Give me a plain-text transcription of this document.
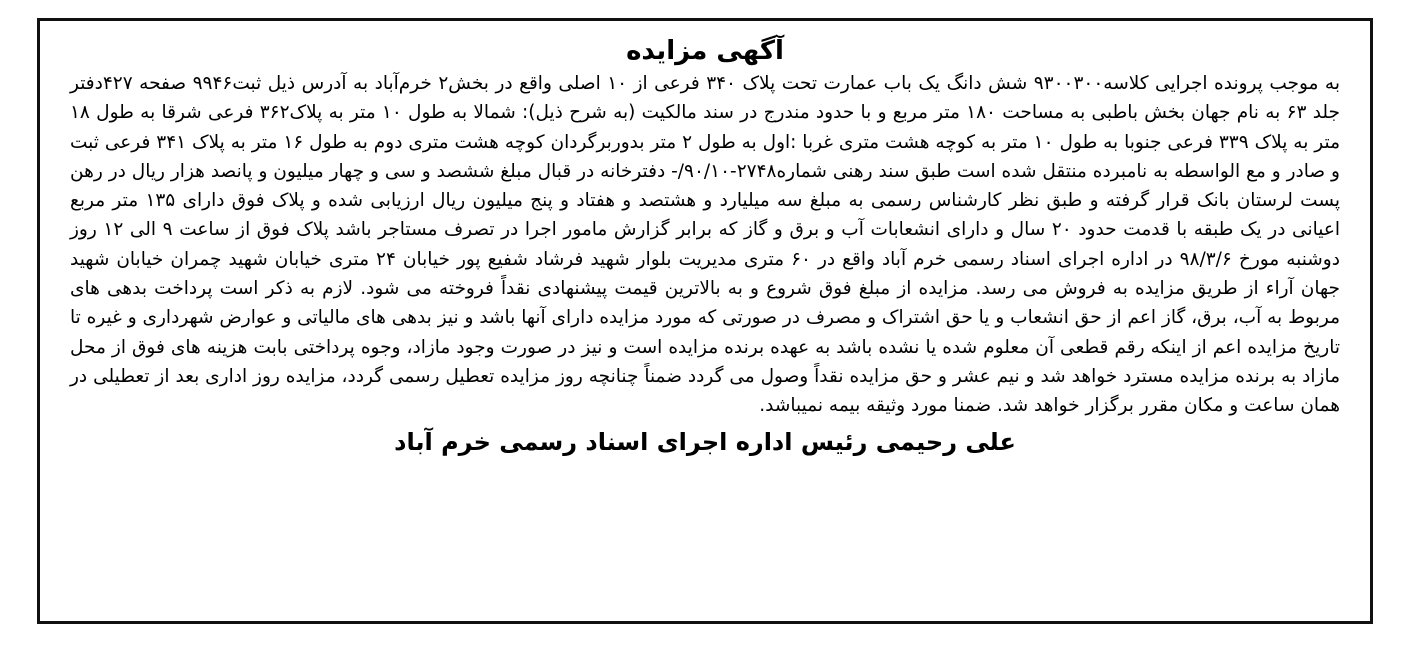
آگهی مزایده

به موجب پرونده اجرایی کلاسه۹۳۰۰۳۰۰ شش دانگ یک باب عمارت تحت پلاک ۳۴۰ فرعی از ۱۰ اصلی واقع در بخش۲ خرم‌آباد به آدرس ذیل ثبت۹۹۴۶ صفحه ۴۲۷دفتر جلد ۶۳ به نام جهان بخش باطبی به مساحت ۱۸۰ متر مربع و با حدود مندرج در سند مالکیت (به شرح ذیل): شمالا به طول ۱۰ متر به پلاک۳۶۲ فرعی شرقا به طول ۱۸ متر به پلاک ۳۳۹ فرعی جنوبا به طول ۱۰ متر به کوچه هشت متری غربا :اول به طول ۲ متر بدوربرگردان کوچه هشت متری دوم به طول ۱۶ متر به پلاک ۳۴۱ فرعی ثبت و صادر و مع الواسطه به نامبرده منتقل شده است طبق سند رهنی شماره۲۷۴۸-۹۰/۱۰/- دفترخانه در قبال مبلغ ششصد و سی و چهار میلیون و پانصد هزار ریال در رهن پست لرستان بانک قرار گرفته و طبق نظر کارشناس رسمی به مبلغ سه میلیارد و هشتصد و هفتاد و پنج میلیون ریال ارزیابی شده و پلاک فوق دارای ۱۳۵ متر مربع اعیانی در یک طبقه با قدمت حدود ۲۰ سال و دارای انشعابات آب و برق و گاز که برابر گزارش مامور اجرا در تصرف مستاجر باشد پلاک فوق از ساعت ۹ الی ۱۲ روز دوشنبه مورخ ۹۸/۳/۶ در اداره اجرای اسناد رسمی خرم آباد واقع در ۶۰ متری مدیریت بلوار شهید فرشاد شفیع پور خیابان ۲۴ متری خیابان شهید چمران خیابان شهید جهان آراء از طریق مزایده به فروش می رسد. مزایده از مبلغ فوق شروع و به بالاترین قیمت پیشنهادی نقداً فروخته می شود. لازم به ذکر است پرداخت بدهی های مربوط به آب، برق، گاز اعم از حق انشعاب و یا حق اشتراک و مصرف در صورتی که مورد مزایده دارای آنها باشد و نیز بدهی های مالیاتی و عوارض شهرداری و غیره تا تاریخ مزایده اعم از اینکه رقم قطعی آن معلوم شده یا نشده باشد به عهده برنده مزایده است و نیز در صورت وجود مازاد، وجوه پرداختی بابت هزینه های فوق از محل مازاد به برنده مزایده مسترد خواهد شد و نیم عشر و حق مزایده نقداً وصول می گردد ضمناً چنانچه روز مزایده تعطیل رسمی گردد، مزایده روز اداری بعد از تعطیلی در همان ساعت و مکان مقرر برگزار خواهد شد. ضمنا مورد وثیقه بیمه نمیباشد.

علی رحیمی رئیس اداره اجرای اسناد رسمی خرم آباد
